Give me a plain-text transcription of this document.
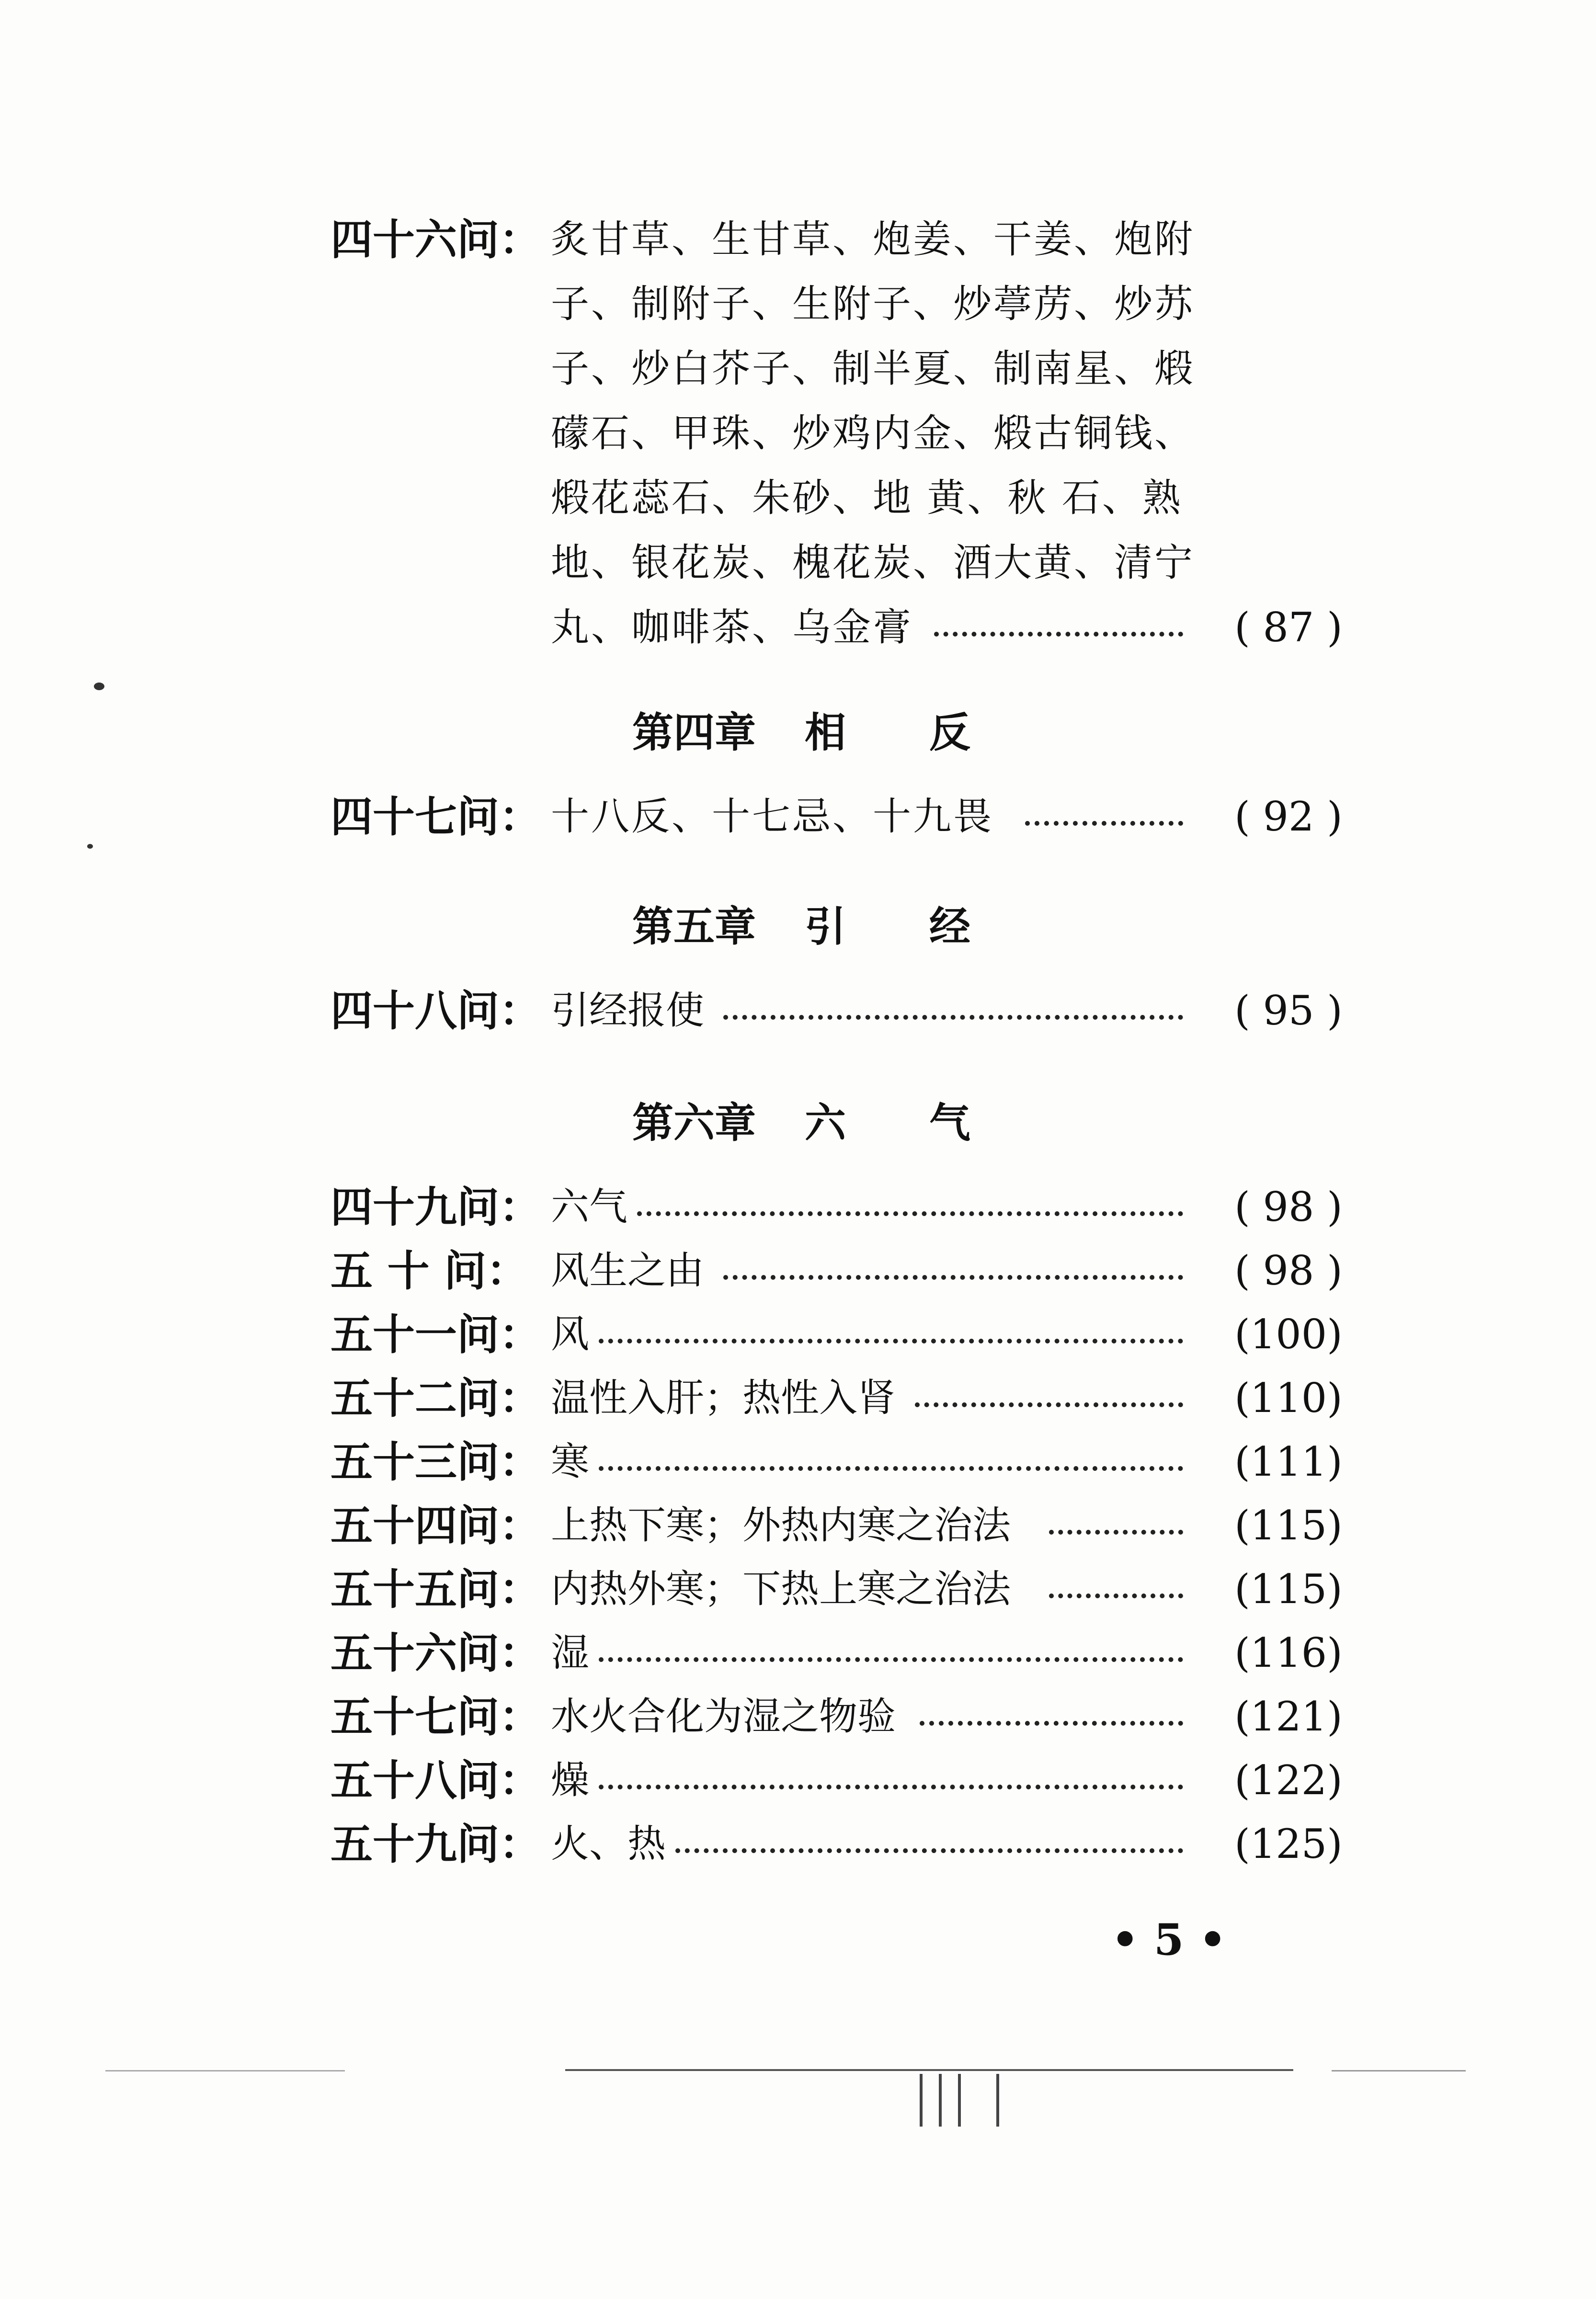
四十六问： 炙甘草、生甘草、炮姜、干姜、炮附
子、制附子、生附子、炒葶苈、炒苏
子、炒白芥子、制半夏、制南星、煅
礞石、甲珠、炒鸡内金、煅古铜钱、
煅花蕊石、朱砂、地 黄、秋 石、熟
地、银花炭、槐花炭、酒大黄、清宁
丸、咖啡茶、乌金膏	( 87 )
第四章 相 反
四十七问： 十八反、十七忌、十九畏	( 92 )
第五章 引 经
四十八问： 引经报使	( 95 )
第六章 六 气
四十九问： 六气	( 98 )
五 十 问： 风生之由	( 98 )
五十一问： 风	(100)
五十二问： 温性入肝；热性入肾	(110)
五十三问： 寒	(111)
五十四问： 上热下寒；外热内寒之治法	(115)
五十五问： 内热外寒；下热上寒之治法	(115)
五十六问： 湿	(116)
五十七问： 水火合化为湿之物验	(121)
五十八问： 燥	(122)
五十九问： 火、热	(125)
• 5 •
